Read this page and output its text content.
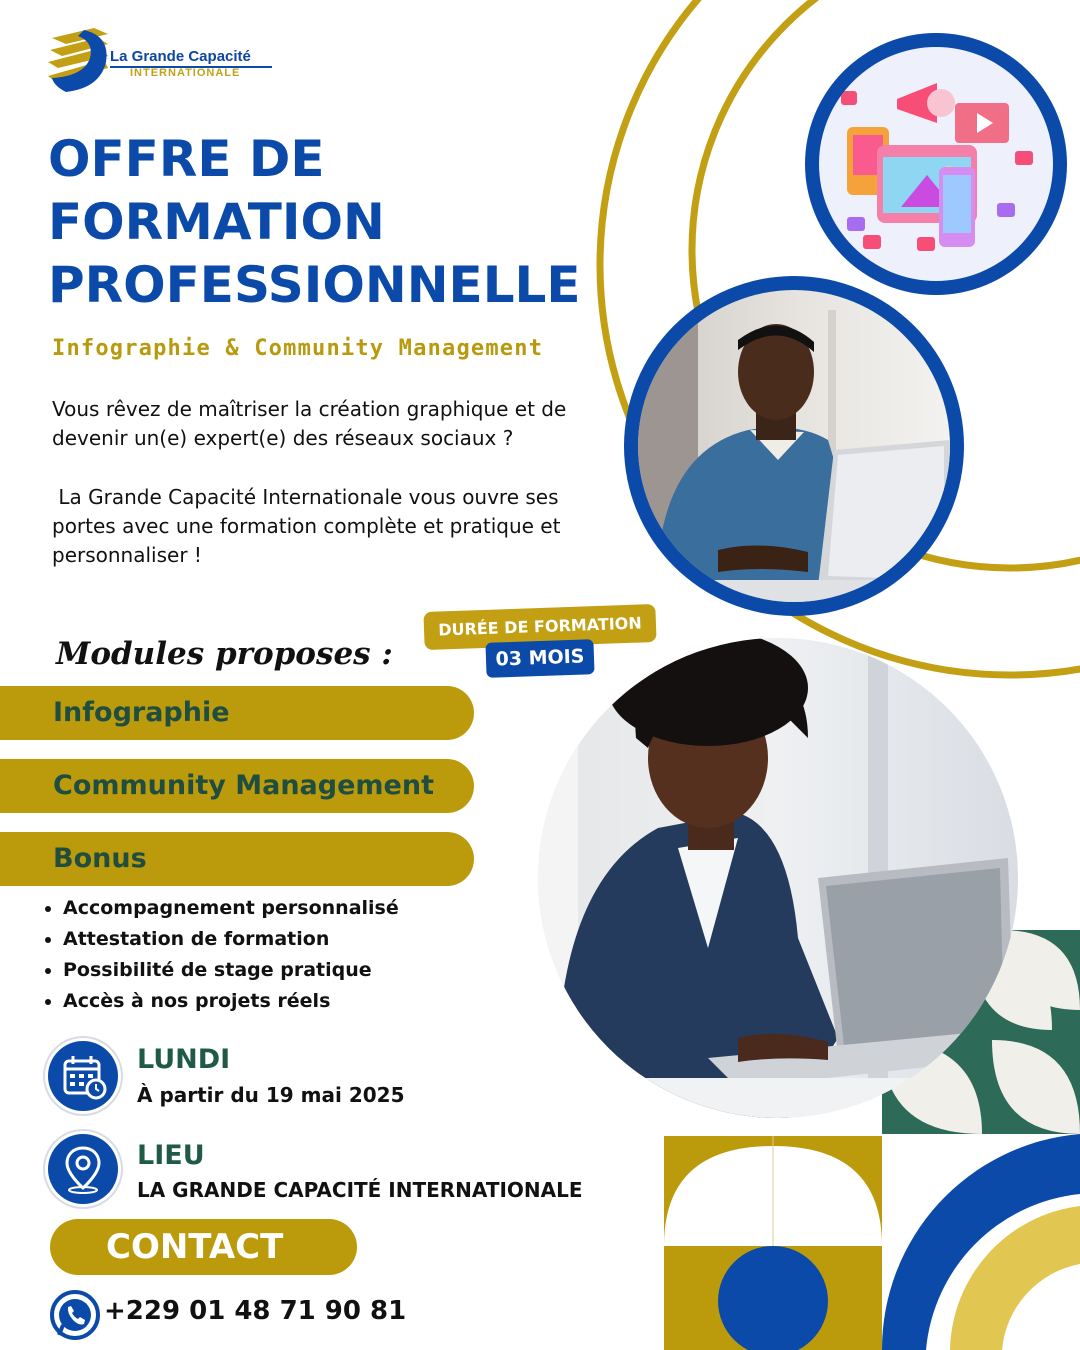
La Grande Capacité
INTERNATIONALE
OFFRE DE
FORMATION
PROFESSIONNELLE
Infographie & Community Management

Vous rêvez de maîtriser la création graphique et de devenir un(e) expert(e) des réseaux sociaux ?

La Grande Capacité Internationale vous ouvre ses portes avec une formation complète et pratique et personnaliser !

Modules proposes :
DURÉE DE FORMATION
03 MOIS
Infographie
Community Management
Bonus
Accompagnement personnalisé
Attestation de formation
Possibilité de stage pratique
Accès à nos projets réels
LUNDI
À partir du 19 mai 2025
LIEU
LA GRANDE CAPACITÉ INTERNATIONALE
CONTACT
+229 01 48 71 90 81
